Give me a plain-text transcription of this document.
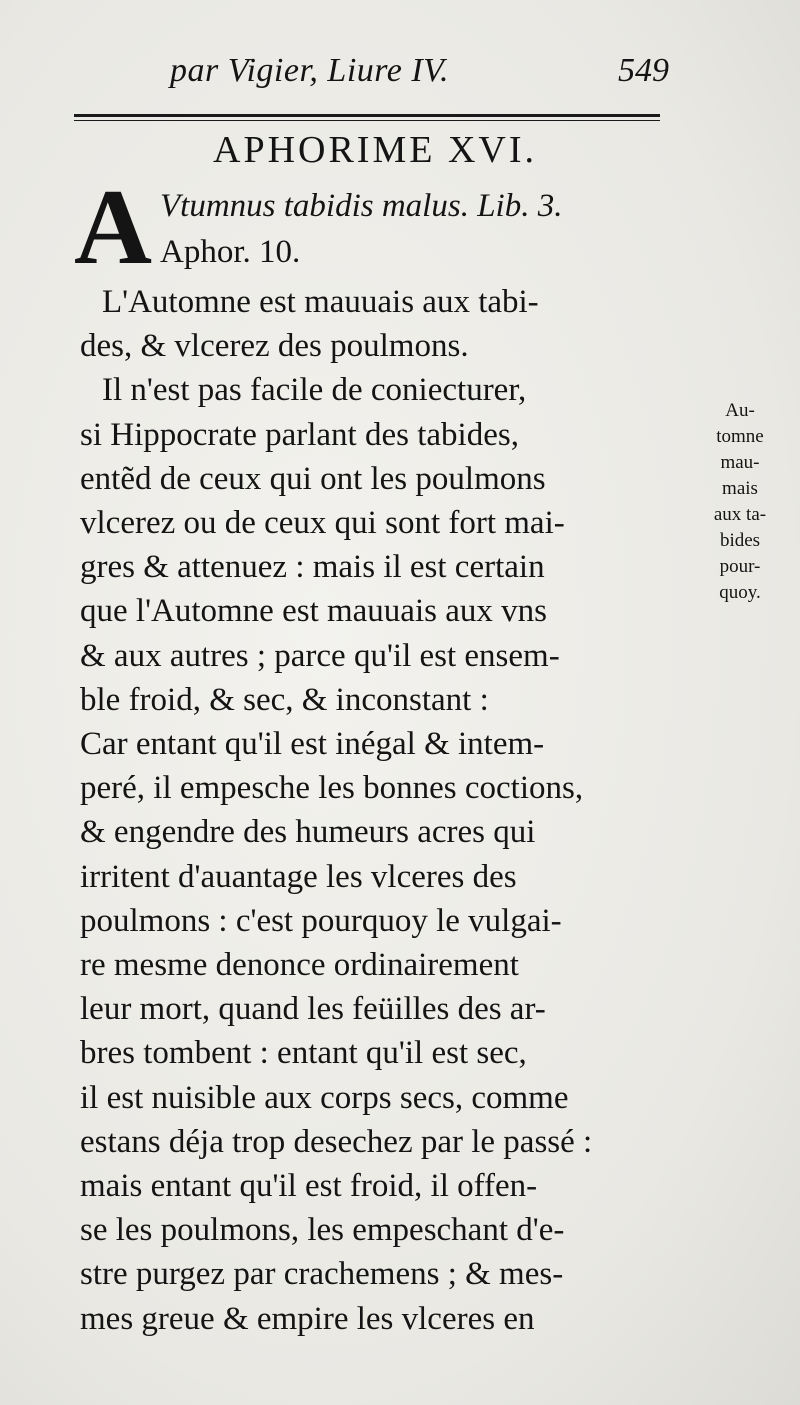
par Vigier, Liure IV.	549
APHORIME XVI.
A Vtumnus tabidis malus. Lib. 3.
Aphor. 10.
L'Automne est mauuais aux tabi-
des, & vlcerez des poulmons.
Il n'est pas facile de coniecturer,
si Hippocrate parlant des tabides,
entẽd de ceux qui ont les poulmons
vlcerez ou de ceux qui sont fort mai-
gres & attenuez : mais il est certain
que l'Automne est mauuais aux vns
& aux autres ; parce qu'il est ensem-
ble froid, & sec, & inconstant :
Car entant qu'il est inégal & intem-
peré, il empesche les bonnes coctions,
& engendre des humeurs acres qui
irritent d'auantage les vlceres des
poulmons : c'est pourquoy le vulgai-
re mesme denonce ordinairement
leur mort, quand les feüilles des ar-
bres tombent : entant qu'il est sec,
il est nuisible aux corps secs, comme
estans déja trop desechez par le passé :
mais entant qu'il est froid, il offen-
se les poulmons, les empeschant d'e-
stre purgez par crachemens ; & mes-
mes greue & empire les vlceres en
Au-
tomne
mau-
mais
aux ta-
bides
pour-
quoy.
